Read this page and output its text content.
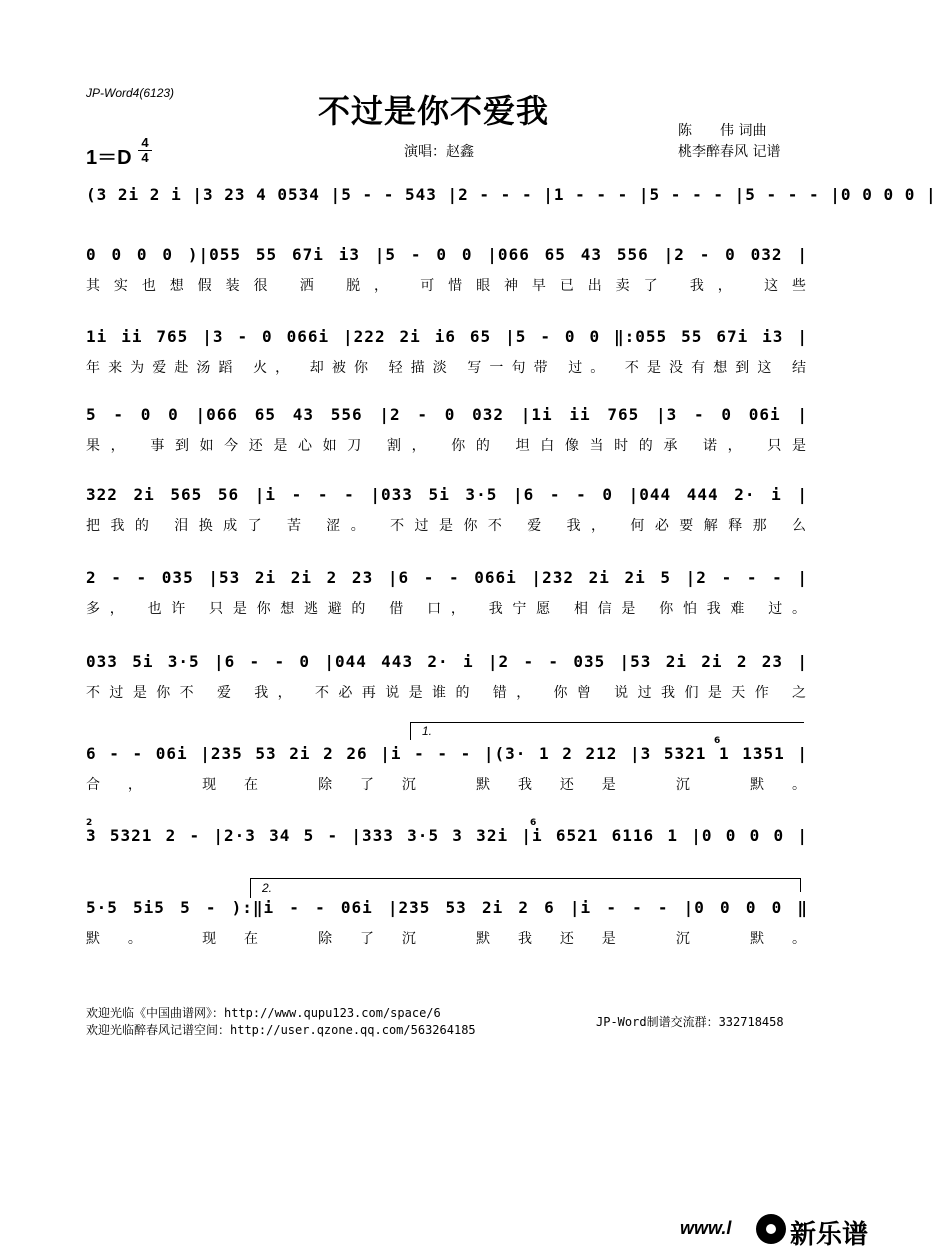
JP-Word4(6123)	不过是你不爱我
陈　　伟 词曲
桃李醉春风 记谱
演唱：赵鑫
1＝D
4
4
(3 2i 2 i |3 23 4 0534 |5 - - 543 |2 - - - |1 - - - |5 - - - |5 - - - |0 0 0 0 |
0 0 0 0 )|055 55 67i i3 |5 - 0 0 |066 65 43 556 |2 - 0 032 |
其实也想假装很 洒 脱， 可惜眼神早已出卖了 我， 这些
1i ii 765 |3 - 0 066i |222 2i i6 65 |5 - 0 0 ‖:055 55 67i i3 |
年来为爱赴汤蹈 火， 却被你 轻描淡 写一句带 过。 不是没有想到这 结
5 - 0 0 |066 65 43 556 |2 - 0 032 |1i ii 765 |3 - 0 06i |
果， 事到如今还是心如刀 割， 你的 坦白像当时的承 诺， 只是
322 2i 565 56 |i - - - |033 5i 3·5 |6 - - 0 |044 444 2· i |
把我的 泪换成了 苦 涩。 不过是你不 爱 我， 何必要解释那 么
2 - - 035 |53 2i 2i 2 23 |6 - - 066i |232 2i 2i 5 |2 - - - |
多， 也许 只是你想逃避的 借 口， 我宁愿 相信是 你怕我难 过。
033 5i 3·5 |6 - - 0 |044 443 2· i |2 - - 035 |53 2i 2i 2 23 |
不过是你不 爱 我， 不必再说是谁的 错， 你曾 说过我们是天作 之
1.
6 - - 06i |235 53 2i 2 26 |i - - - |(3· 1 2 212 |3 5321 1 1351 |
合， 现在 除了沉 默我还是 沉 默。
6
3 5321 2 - |2·3 34 5 - |333 3·5 3 32i |i 6521 6116 1 |0 0 0 0 |
2	6
2.
5·5 5i5 5 - ):‖i - - 06i |235 53 2i 2 6 |i - - - |0 0 0 0 ‖
默。 现在 除了沉 默我还是 沉 默。
欢迎光临《中国曲谱网》：http://www.qupu123.com/space/6
欢迎光临醉春风记谱空间：http://user.qzone.qq.com/563264185
JP-Word制谱交流群：332718458
www.l 新乐谱
